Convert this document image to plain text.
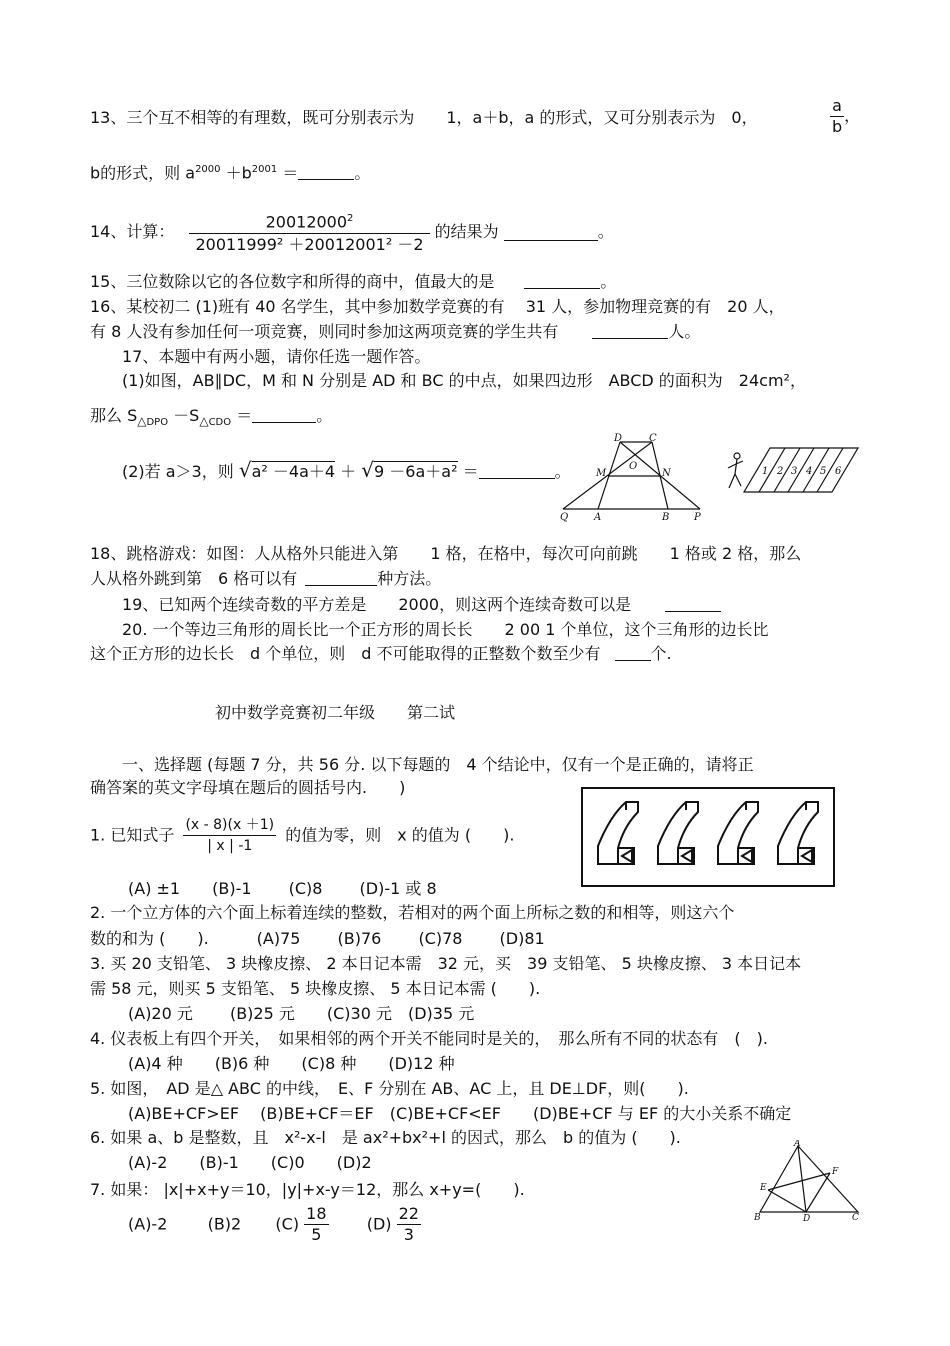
13、三个互不相等的有理数，既可分别表示为　　1，a＋b，a 的形式，又可分别表示为　0，	$\frac{a}{b}$ ，
b的形式，则 $a^{2000} +b^{2001}$ ＝	。
14、计算： $\frac{20012000^2}{\text{20011999² ＋20012001² －2}}$ 的结果为	。
15、三位数除以它的各位数字和所得的商中，值最大的是	。
16、某校初二 (1)班有 40 名学生，其中参加数学竞赛的有　 31 人，参加物理竞赛的有　20 人，
有 8 人没有参加任何一项竞赛，则同时参加这两项竞赛的学生共有	人。
17、本题中有两小题，请你任选一题作答。
(1)如图，AB∥DC，M 和 N 分别是 AD 和 BC 的中点，如果四边形　ABCD 的面积为　24cm²，
那么 $S_{\triangle DPO} -S_{\triangle CDO}$ ＝	。
(2)若 a＞3，则 √a² －4a＋4 ＋ √9 －6a＋a² ＝	。
D	C
M
O
N
Q	A	B P
1 2 3 4 5 6
18、跳格游戏：如图：人从格外只能进入第　　1 格，在格中，每次可向前跳　　1 格或 2 格，那么
人从格外跳到第　6 格可以有	种方法。
19、已知两个连续奇数的平方差是　　2000，则这两个连续奇数可以是
20. 一个等边三角形的周长比一个正方形的周长长　　2 00 1 个单位，这个三角形的边长比
这个正方形的边长长　d 个单位，则　d 不可能取得的正整数个数至少有	个.
初中数学竞赛初二年级　　第二试
一、选择题 (每题 7 分，共 56 分. 以下每题的　4 个结论中，仅有一个是正确的，请将正
确答案的英文字母填在题后的圆括号内.　　)
1. 已知式子 $\frac{(x - 8)(x +1)}{| x | -1}$ 的值为零，则　x 的值为 (　　).
(A) ±1　　(B)-1　　 (C)8　　 (D)-1 或 8
2. 一个立方体的六个面上标着连续的整数，若相对的两个面上所标之数的和相等，则这六个
数的和为 (　　).　　　(A)75　　 (B)76　　 (C)78　　 (D)81
3. 买 20 支铅笔、 3 块橡皮擦、 2 本日记本需　32 元，买　39 支铅笔、 5 块橡皮擦、 3 本日记本
需 58 元，则买 5 支铅笔、 5 块橡皮擦、 5 本日记本需 (　　).
(A)20 元　　 (B)25 元　　(C)30 元　(D)35 元
4. 仪表板上有四个开关，　如果相邻的两个开关不能同时是关的，　那么所有不同的状态有　(　).
(A)4 种　　(B)6 种　　(C)8 种　　(D)12 种
5. 如图，　AD 是△ ABC 的中线，　E、F 分别在 AB、AC 上，且 DE⊥DF，则(　　).
(A)BE+CF>EF　 (B)BE+CF＝EF　(C)BE+CF<EF　　(D)BE+CF 与 EF 的大小关系不确定
6. 如果 a、b 是整数，且　x²-x-l　是 ax²+bx²+l 的因式，那么　b 的值为 (　　).
(A)-2　　(B)-1　　(C)0　　(D)2
7. 如果： |x|+x+y＝10，|y|+x-y＝12，那么 x+y=(　　).
(A)-2	(B)2 $(C) \frac{18}{5} (D) \frac{22}{3}$
A
E
F
B	D	C
